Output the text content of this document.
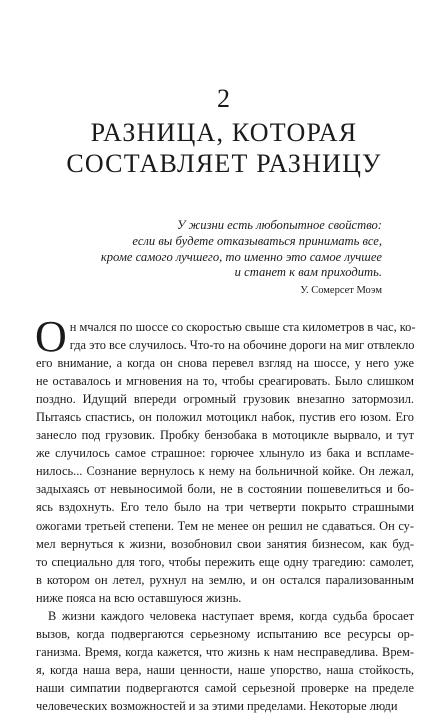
2
РАЗНИЦА, КОТОРАЯ
СОСТАВЛЯЕТ РАЗНИЦУ
У жизни есть любопытное свойство:
если вы будете отказываться принимать все,
кроме самого лучшего, то именно это самое лучшее
и станет к вам приходить.
У. Сомерсет Моэм
О н мчался по шоссе со скоростью свыше ста километров в час, ко-
гда это все случилось. Что-то на обочине дороги на миг отвлекло
его внимание, а когда он снова перевел взгляд на шоссе, у него уже
не оставалось и мгновения на то, чтобы среагировать. Было слишком
поздно. Идущий впереди огромный грузовик внезапно затормозил.
Пытаясь спастись, он положил мотоцикл набок, пустив его юзом. Его
занесло под грузовик. Пробку бензобака в мотоцикле вырвало, и тут
же случилось самое страшное: горючее хлынуло из бака и вспламе-
нилось... Сознание вернулось к нему на больничной койке. Он лежал,
задыхаясь от невыносимой боли, не в состоянии пошевелиться и бо-
ясь вздохнуть. Его тело было на три четверти покрыто страшными
ожогами третьей степени. Тем не менее он решил не сдаваться. Он су-
мел вернуться к жизни, возобновил свои занятия бизнесом, как буд-
то специально для того, чтобы пережить еще одну трагедию: самолет,
в котором он летел, рухнул на землю, и он остался парализованным
ниже пояса на всю оставшуюся жизнь.
В жизни каждого человека наступает время, когда судьба бросает
вызов, когда подвергаются серьезному испытанию все ресурсы ор-
ганизма. Время, когда кажется, что жизнь к нам несправедлива. Врем-
я, когда наша вера, наши ценности, наше упорство, наша стойкость,
наши симпатии подвергаются самой серьезной проверке на пределе
человеческих возможностей и за этими пределами. Некоторые люди
